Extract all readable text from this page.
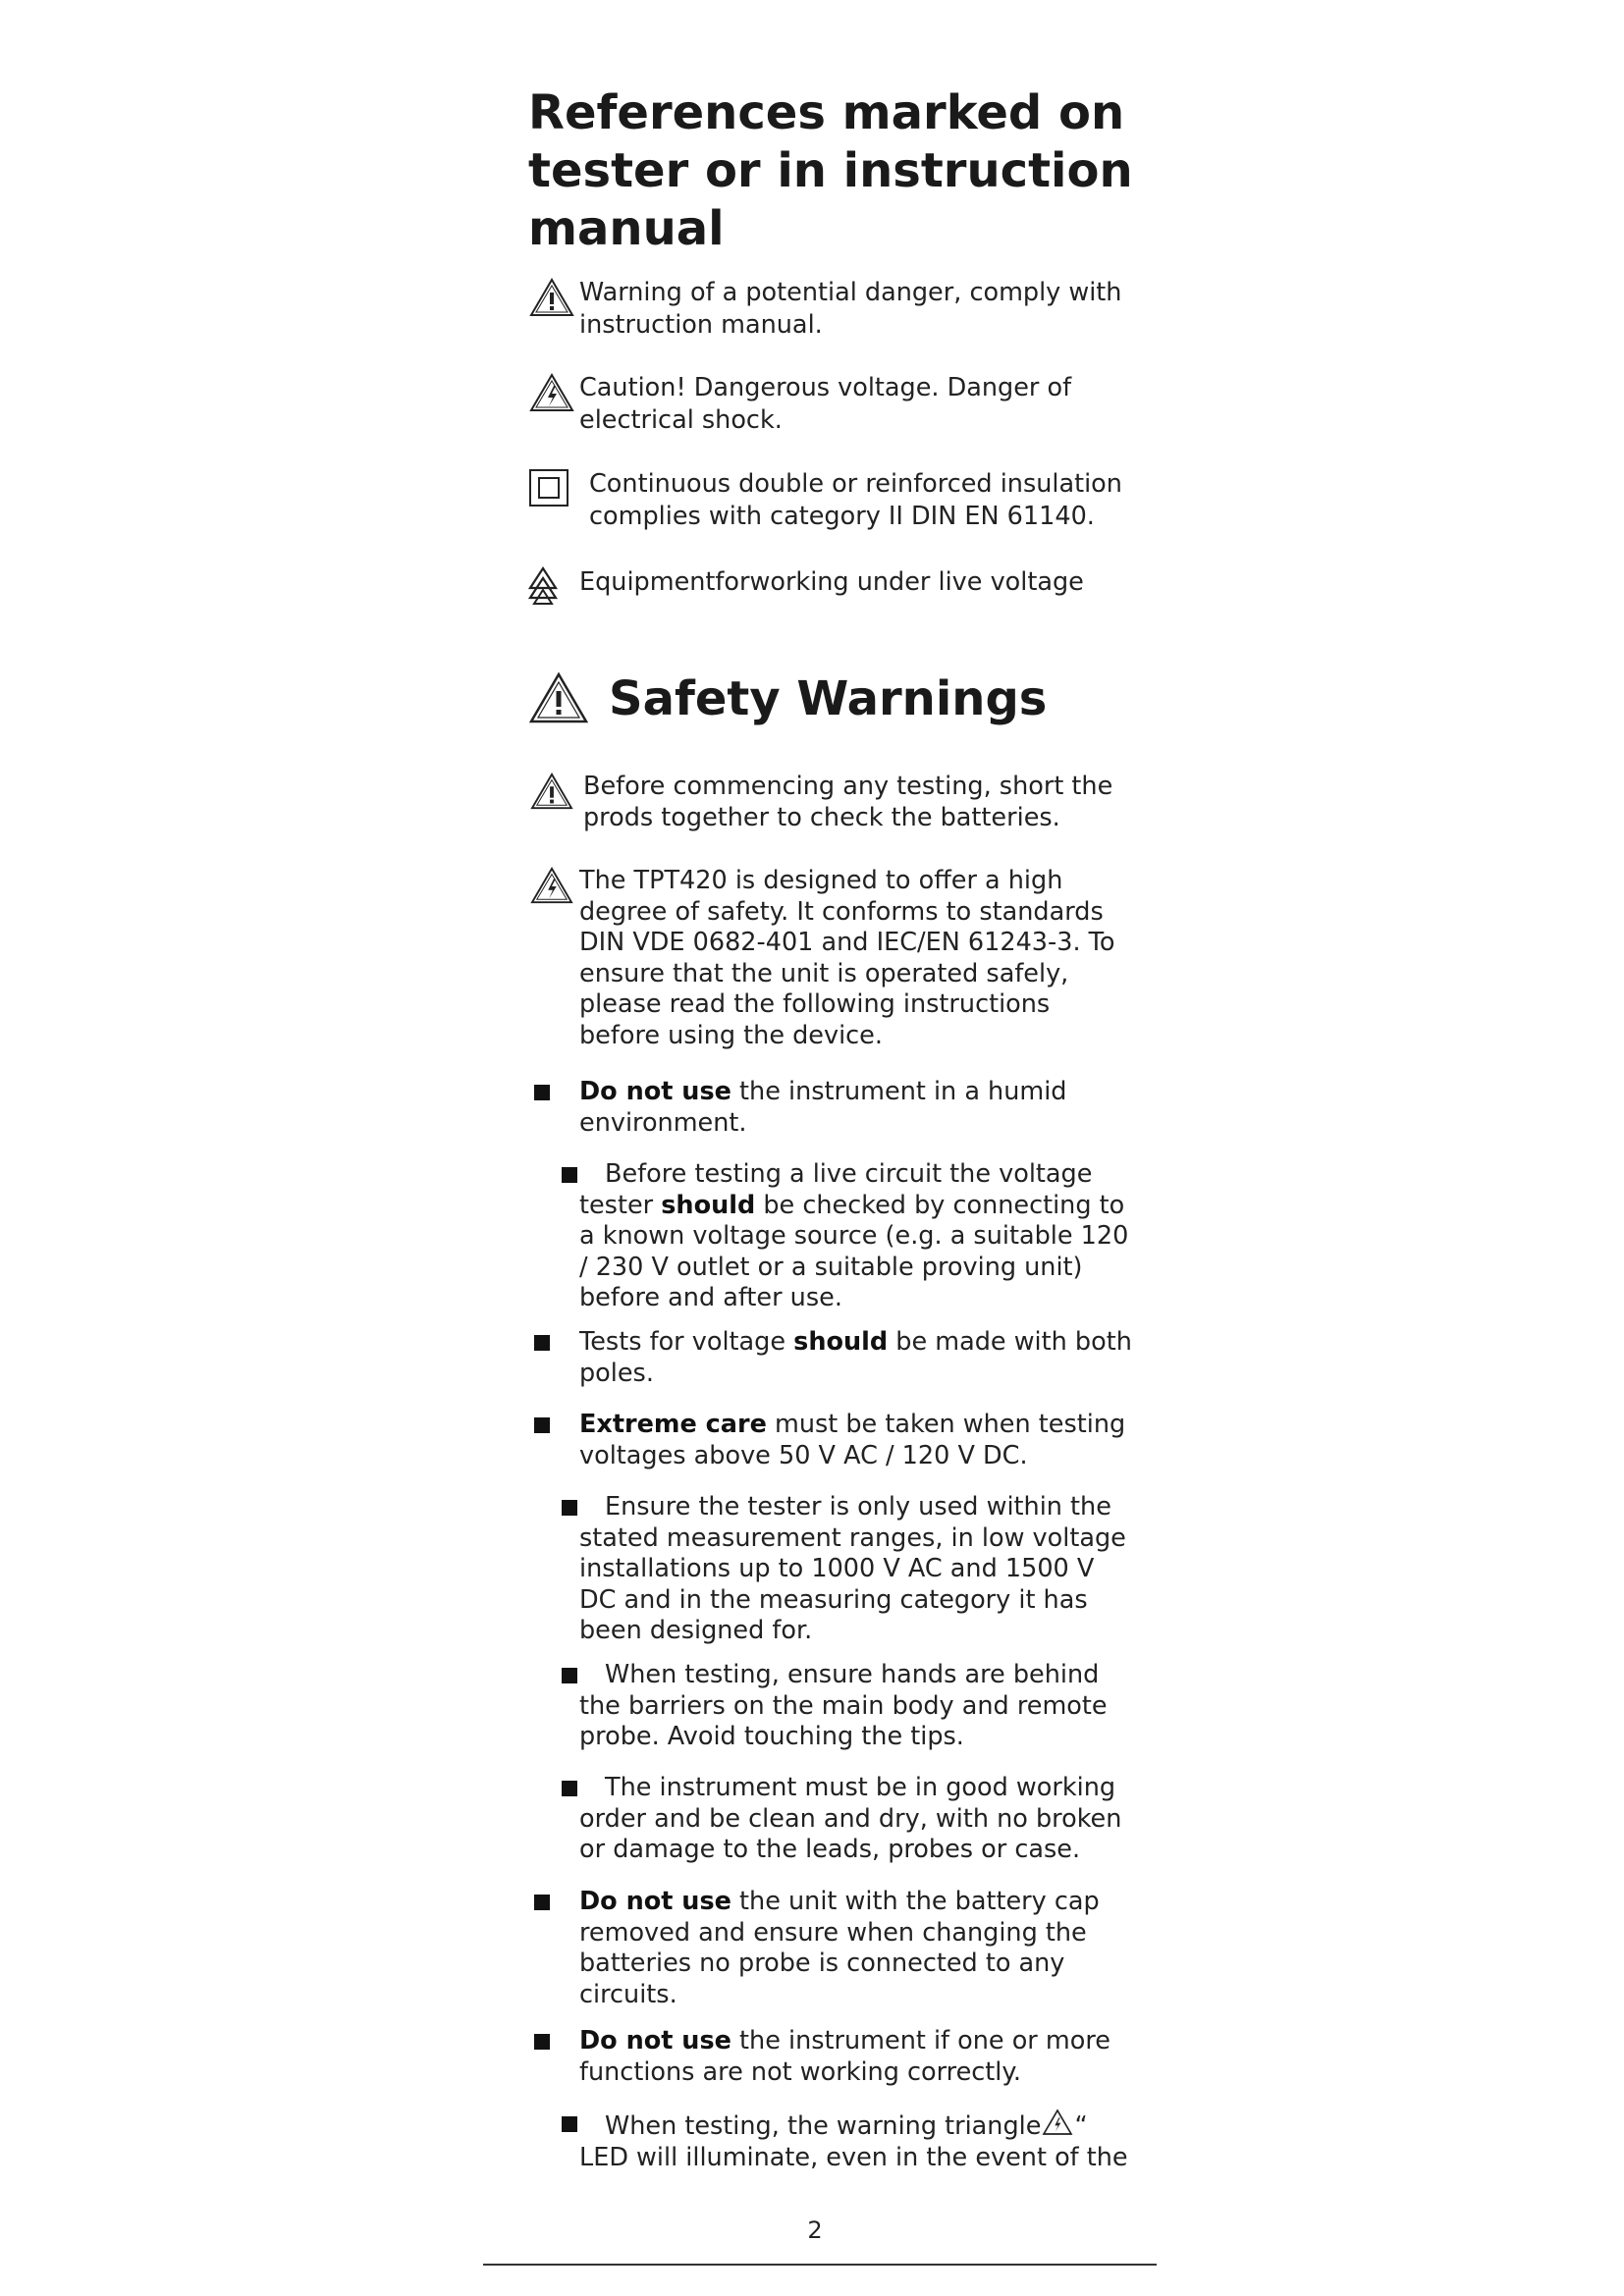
References marked on tester or in instruction manual
Warning of a potential danger, comply with instruction manual.
Caution! Dangerous voltage. Danger of electrical shock.
Continuous double or reinforced insulation complies with category II DIN EN 61140.
Equipmentforworking under live voltage
Safety Warnings
Before commencing any testing, short the prods together to check the batteries.
The TPT420 is designed to offer a high degree of safety. It conforms to standards DIN VDE 0682-401 and IEC/EN 61243-3. To ensure that the unit is operated safely, please read the following instructions before using the device.
Do not use the instrument in a humid environment.
Before testing a live circuit the voltage tester should be checked by connecting to a known voltage source (e.g. a suitable 120 / 230 V outlet or a suitable proving unit) before and after use.
Tests for voltage should be made with both poles.
Extreme care must be taken when testing voltages above 50 V AC / 120 V DC.
Ensure the tester is only used within the stated measurement ranges, in low voltage installations up to 1000 V AC and 1500 V DC and in the measuring category it has been designed for.
When testing, ensure hands are behind the barriers on the main body and remote probe. Avoid touching the tips.
The instrument must be in good working order and be clean and dry, with no broken or damage to the leads, probes or case.
Do not use the unit with the battery cap removed and ensure when changing the batteries no probe is connected to any circuits.
Do not use the instrument if one or more functions are not working correctly.
When testing, the warning triangle “ LED will illuminate, even in the event of the
2
